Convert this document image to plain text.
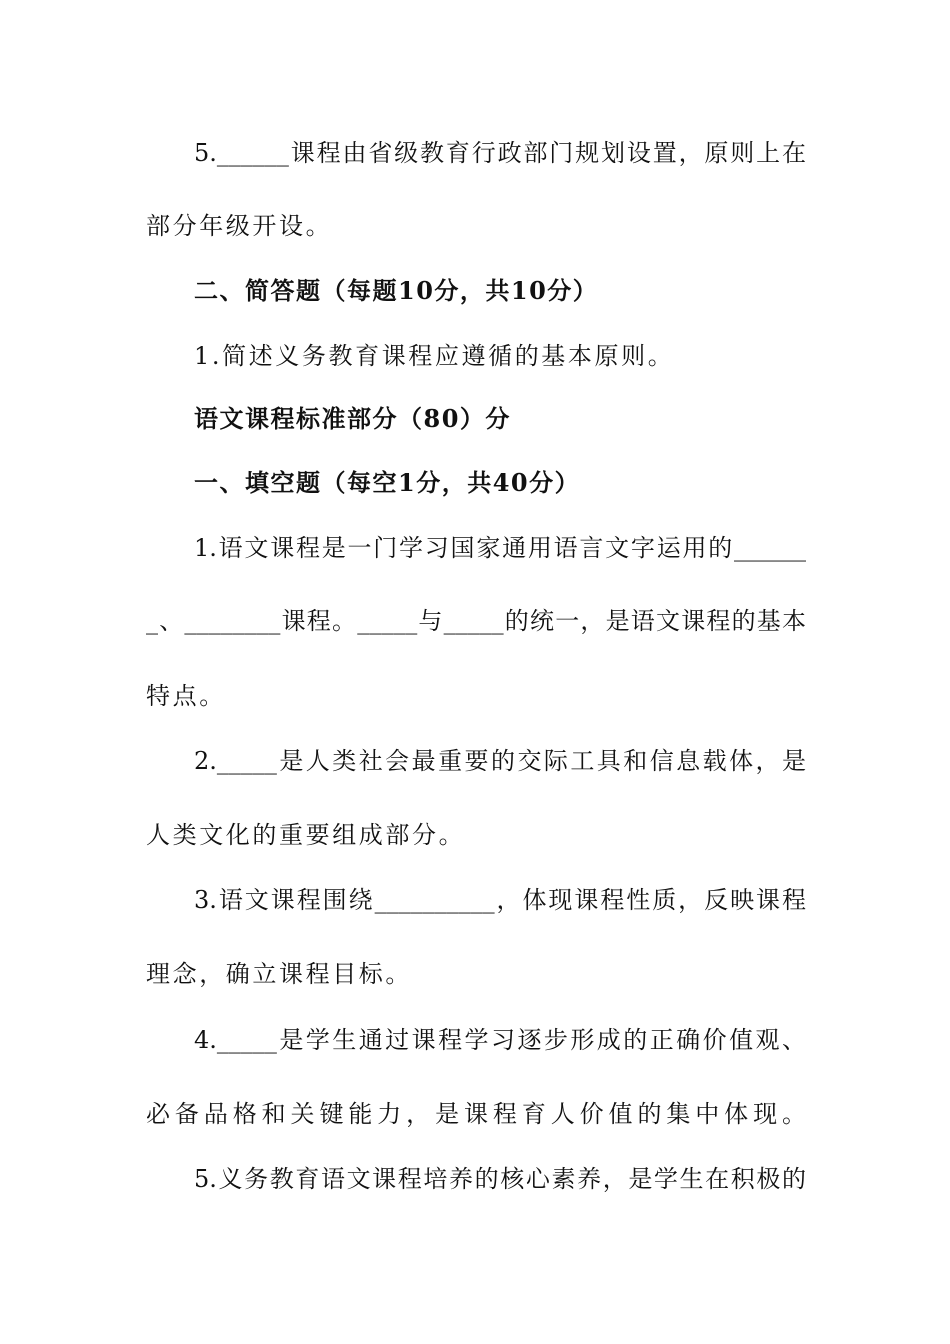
5.______课程由省级教育行政部门规划设置，原则上在
部分年级开设。
二、简答题（每题10分，共10分）
1.简述义务教育课程应遵循的基本原则。
语文课程标准部分（80）分
一、填空题（每空1分，共40分）
1.语文课程是一门学习国家通用语言文字运用的______
_、________课程。_____与_____的统一，是语文课程的基本
特点。
2._____是人类社会最重要的交际工具和信息载体，是
人类文化的重要组成部分。
3.语文课程围绕__________，体现课程性质，反映课程
理念，确立课程目标。
4._____是学生通过课程学习逐步形成的正确价值观、
必备品格和关键能力，是课程育人价值的集中体现。
5.义务教育语文课程培养的核心素养，是学生在积极的
